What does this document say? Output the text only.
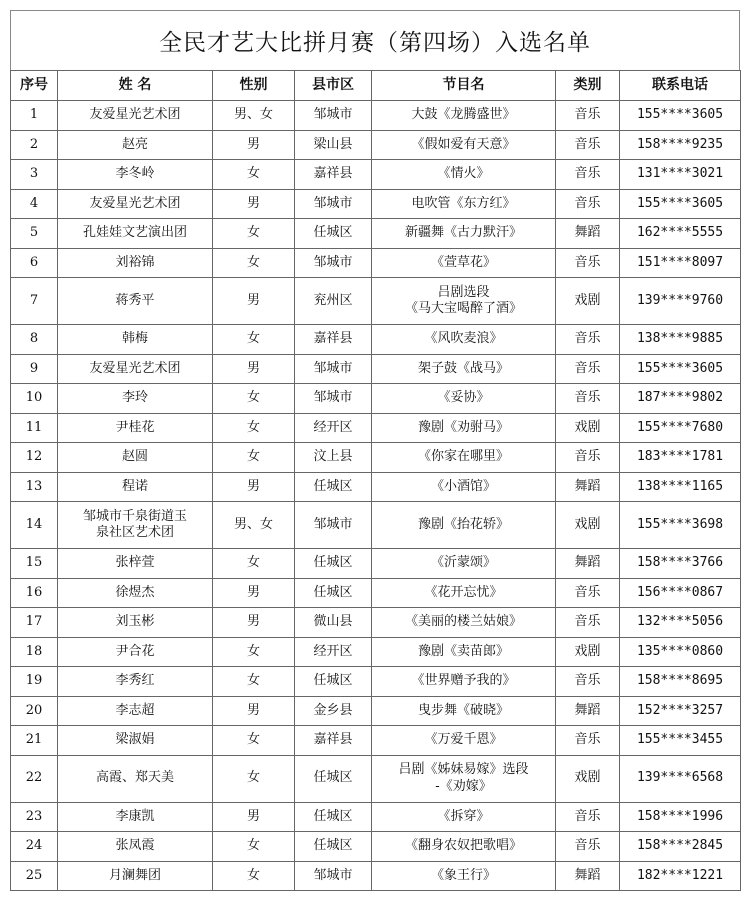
全民才艺大比拼月赛（第四场）入选名单
序号	姓 名	性别	县市区	节目名	类别	联系电话
1	友爱星光艺术团	男、女	邹城市	大鼓《龙腾盛世》	音乐	155****3605
2	赵亮	男	梁山县	《假如爱有天意》	音乐	158****9235
3	李冬岭	女	嘉祥县	《情火》	音乐	131****3021
4	友爱星光艺术团	男	邹城市	电吹管《东方红》	音乐	155****3605
5	孔娃娃文艺演出团	女	任城区	新疆舞《古力默汗》	舞蹈	162****5555
6	刘裕锦	女	邹城市	《萱草花》	音乐	151****8097
7	蒋秀平	男	兖州区	吕剧选段
《马大宝喝醉了酒》	戏剧	139****9760
8	韩梅	女	嘉祥县	《风吹麦浪》	音乐	138****9885
9	友爱星光艺术团	男	邹城市	架子鼓《战马》	音乐	155****3605
10	李玲	女	邹城市	《妥协》	音乐	187****9802
11	尹桂花	女	经开区	豫剧《劝驸马》	戏剧	155****7680
12	赵圆	女	汶上县	《你家在哪里》	音乐	183****1781
13	程诺	男	任城区	《小酒馆》	舞蹈	138****1165
14	邹城市千泉街道玉
泉社区艺术团	男、女	邹城市	豫剧《抬花轿》	戏剧	155****3698
15	张梓萱	女	任城区	《沂蒙颂》	舞蹈	158****3766
16	徐煜杰	男	任城区	《花开忘忧》	音乐	156****0867
17	刘玉彬	男	微山县	《美丽的楼兰姑娘》	音乐	132****5056
18	尹合花	女	经开区	豫剧《卖苗郎》	戏剧	135****0860
19	李秀红	女	任城区	《世界赠予我的》	音乐	158****8695
20	李志超	男	金乡县	曳步舞《破晓》	舞蹈	152****3257
21	梁淑娟	女	嘉祥县	《万爱千恩》	音乐	155****3455
22	高霞、郑天美	女	任城区	吕剧《姊妹易嫁》选段
-《劝嫁》	戏剧	139****6568
23	李康凯	男	任城区	《拆穿》	音乐	158****1996
24	张凤霞	女	任城区	《翻身农奴把歌唱》	音乐	158****2845
25	月澜舞团	女	邹城市	《象王行》	舞蹈	182****1221
